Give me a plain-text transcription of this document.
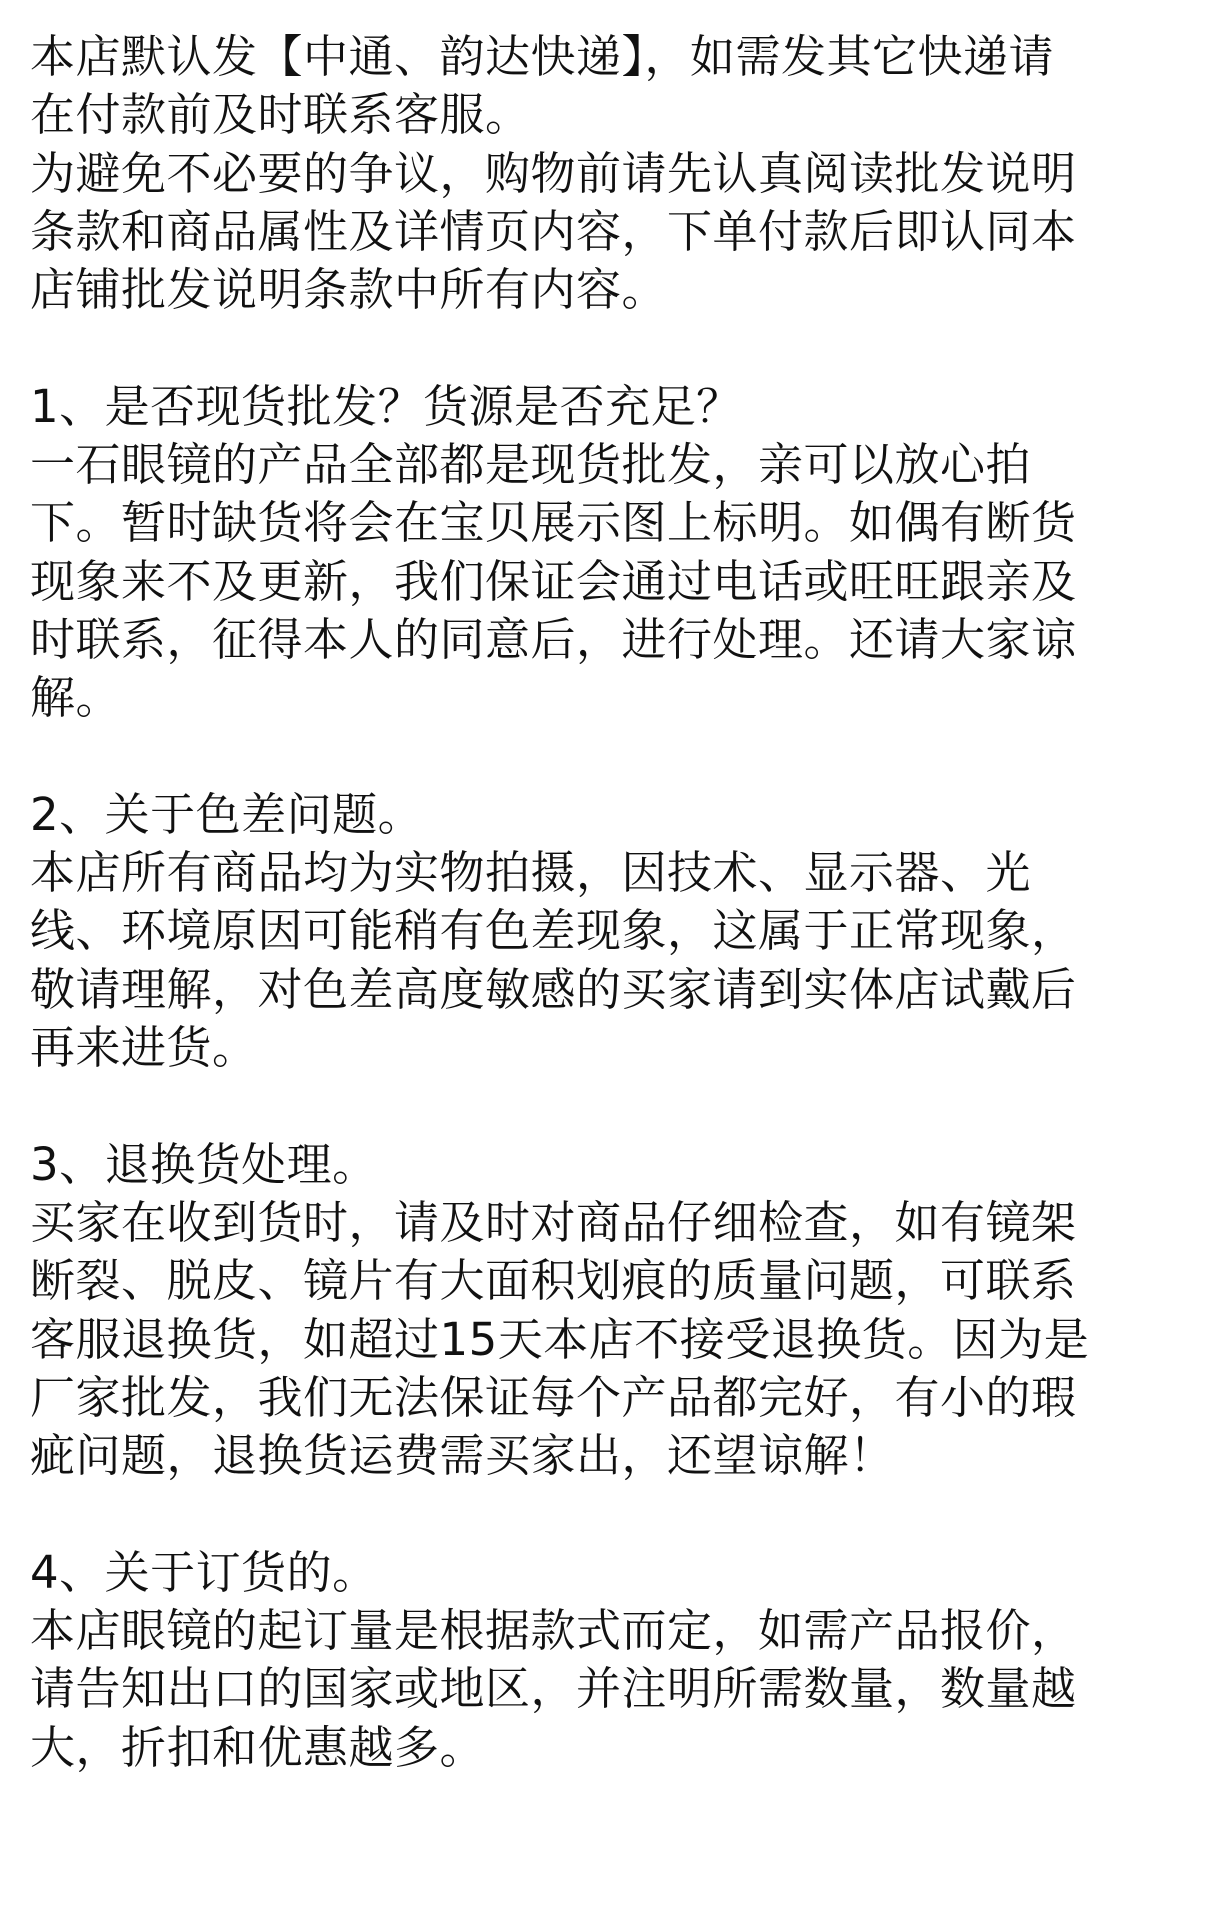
本店默认发【中通、韵达快递】，如需发其它快递请
在付款前及时联系客服。
为避免不必要的争议，购物前请先认真阅读批发说明
条款和商品属性及详情页内容，下单付款后即认同本
店铺批发说明条款中所有内容。
1、是否现货批发？货源是否充足？
一石眼镜的产品全部都是现货批发，亲可以放心拍
下。暂时缺货将会在宝贝展示图上标明。如偶有断货
现象来不及更新，我们保证会通过电话或旺旺跟亲及
时联系，征得本人的同意后，进行处理。还请大家谅
解。
2、关于色差问题。
本店所有商品均为实物拍摄，因技术、显示器、光
线、环境原因可能稍有色差现象，这属于正常现象，
敬请理解，对色差高度敏感的买家请到实体店试戴后
再来进货。
3、退换货处理。
买家在收到货时，请及时对商品仔细检查，如有镜架
断裂、脱皮、镜片有大面积划痕的质量问题，可联系
客服退换货，如超过15天本店不接受退换货。因为是
厂家批发，我们无法保证每个产品都完好，有小的瑕
疵问题，退换货运费需买家出，还望谅解！
4、关于订货的。
本店眼镜的起订量是根据款式而定，如需产品报价，
请告知出口的国家或地区，并注明所需数量，数量越
大，折扣和优惠越多。
